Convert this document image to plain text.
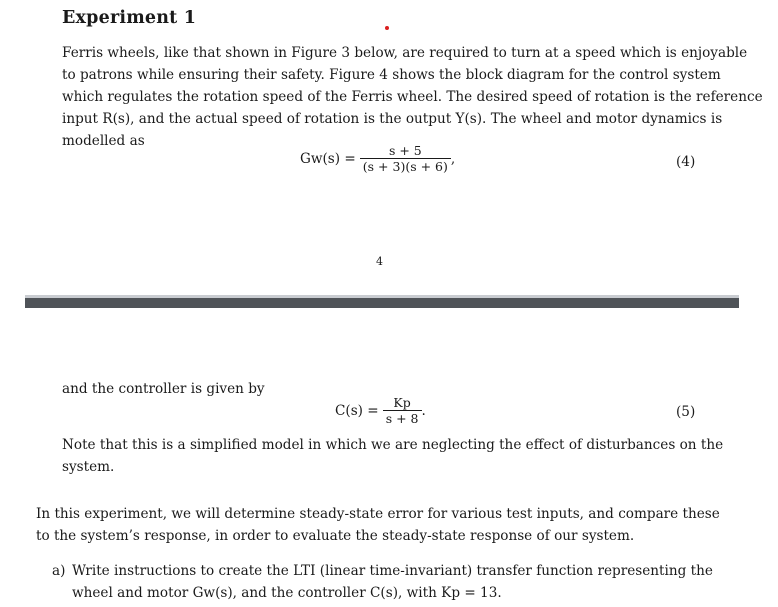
Experiment 1
Ferris wheels, like that shown in Figure 3 below, are required to turn at a speed which is enjoyable
to patrons while ensuring their safety. Figure 4 shows the block diagram for the control system
which regulates the rotation speed of the Ferris wheel. The desired speed of rotation is the reference
input R(s), and the actual speed of rotation is the output Y(s). The wheel and motor dynamics is
modelled as
$Gw(s) = \frac{s + 5}{(s + 3)(s + 6)}$ ,	(4)
4
and the controller is given by
$C(s) = \frac{Kp}{s + 8}$ .	(5)
Note that this is a simplified model in which we are neglecting the effect of disturbances on the
system.
In this experiment, we will determine steady-state error for various test inputs, and compare these
to the system’s response, in order to evaluate the steady-state response of our system.
a) Write instructions to create the LTI (linear time-invariant) transfer function representing the
wheel and motor Gw(s), and the controller C(s), with Kp = 13.
